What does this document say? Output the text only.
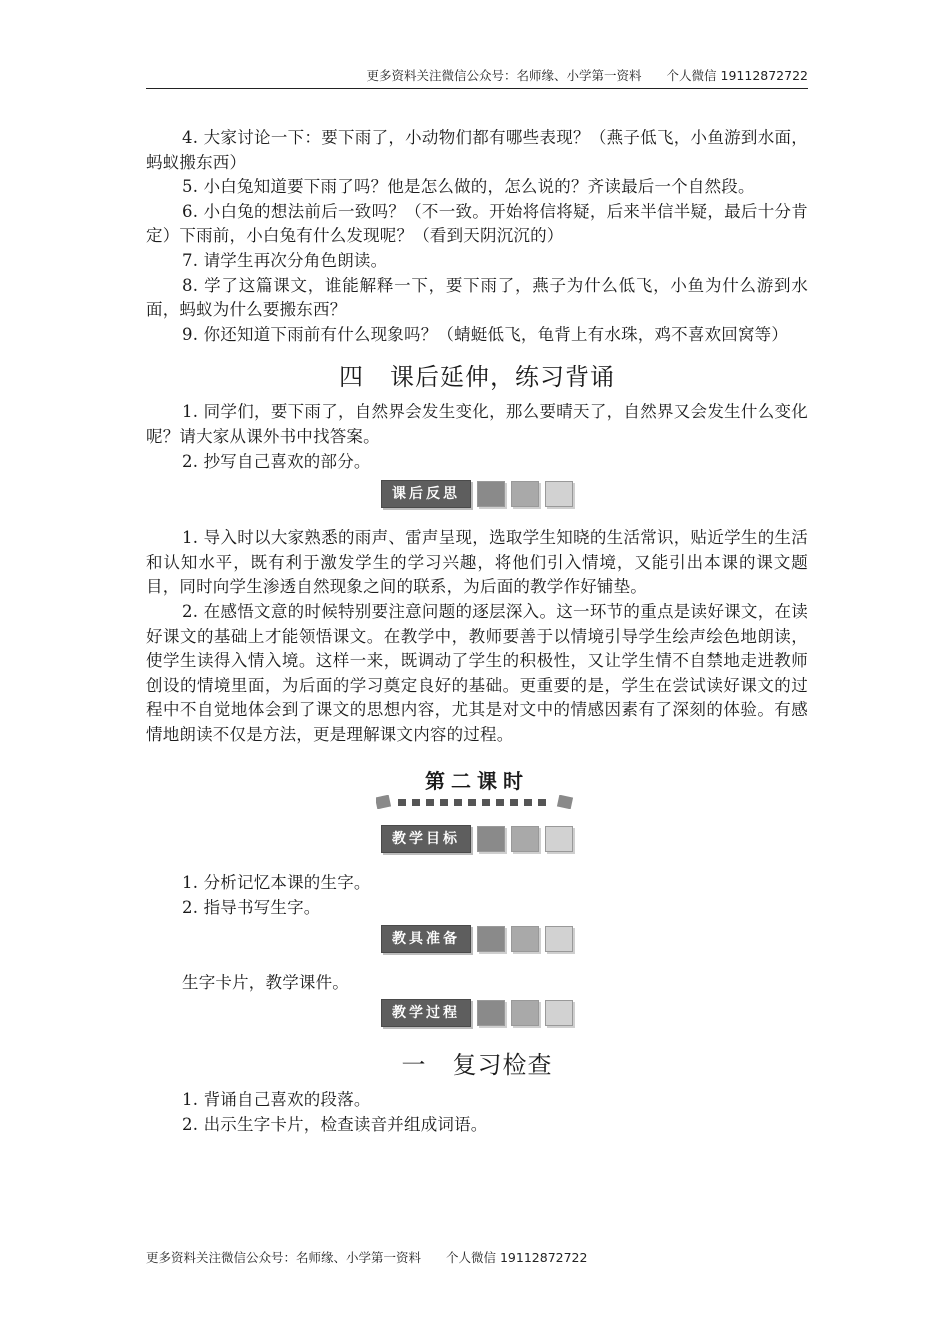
更多资料关注微信公众号：名师缘、小学第一资料　　个人微信 19112872722

4. 大家讨论一下：要下雨了，小动物们都有哪些表现？（燕子低飞，小鱼游到水面，蚂蚁搬东西）

5. 小白兔知道要下雨了吗？他是怎么做的，怎么说的？齐读最后一个自然段。

6. 小白兔的想法前后一致吗？（不一致。开始将信将疑，后来半信半疑，最后十分肯定）下雨前，小白兔有什么发现呢？（看到天阴沉沉的）

7. 请学生再次分角色朗读。

8. 学了这篇课文，谁能解释一下，要下雨了，燕子为什么低飞，小鱼为什么游到水面，蚂蚁为什么要搬东西？

9. 你还知道下雨前有什么现象吗？（蜻蜓低飞，龟背上有水珠，鸡不喜欢回窝等）

四 课后延伸，练习背诵

1. 同学们，要下雨了，自然界会发生变化，那么要晴天了，自然界又会发生什么变化呢？请大家从课外书中找答案。

2. 抄写自己喜欢的部分。

课后反思

1. 导入时以大家熟悉的雨声、雷声呈现，选取学生知晓的生活常识，贴近学生的生活和认知水平，既有利于激发学生的学习兴趣，将他们引入情境，又能引出本课的课文题目，同时向学生渗透自然现象之间的联系，为后面的教学作好铺垫。

2. 在感悟文意的时候特别要注意问题的逐层深入。这一环节的重点是读好课文，在读好课文的基础上才能领悟课文。在教学中，教师要善于以情境引导学生绘声绘色地朗读，使学生读得入情入境。这样一来，既调动了学生的积极性，又让学生情不自禁地走进教师创设的情境里面，为后面的学习奠定良好的基础。更重要的是，学生在尝试读好课文的过程中不自觉地体会到了课文的思想内容，尤其是对文中的情感因素有了深刻的体验。有感情地朗读不仅是方法，更是理解课文内容的过程。

第二课时
教学目标

1. 分析记忆本课的生字。

2. 指导书写生字。

教具准备

生字卡片，教学课件。

教学过程
一 复习检查

1. 背诵自己喜欢的段落。

2. 出示生字卡片，检查读音并组成词语。

更多资料关注微信公众号：名师缘、小学第一资料　　个人微信 19112872722
